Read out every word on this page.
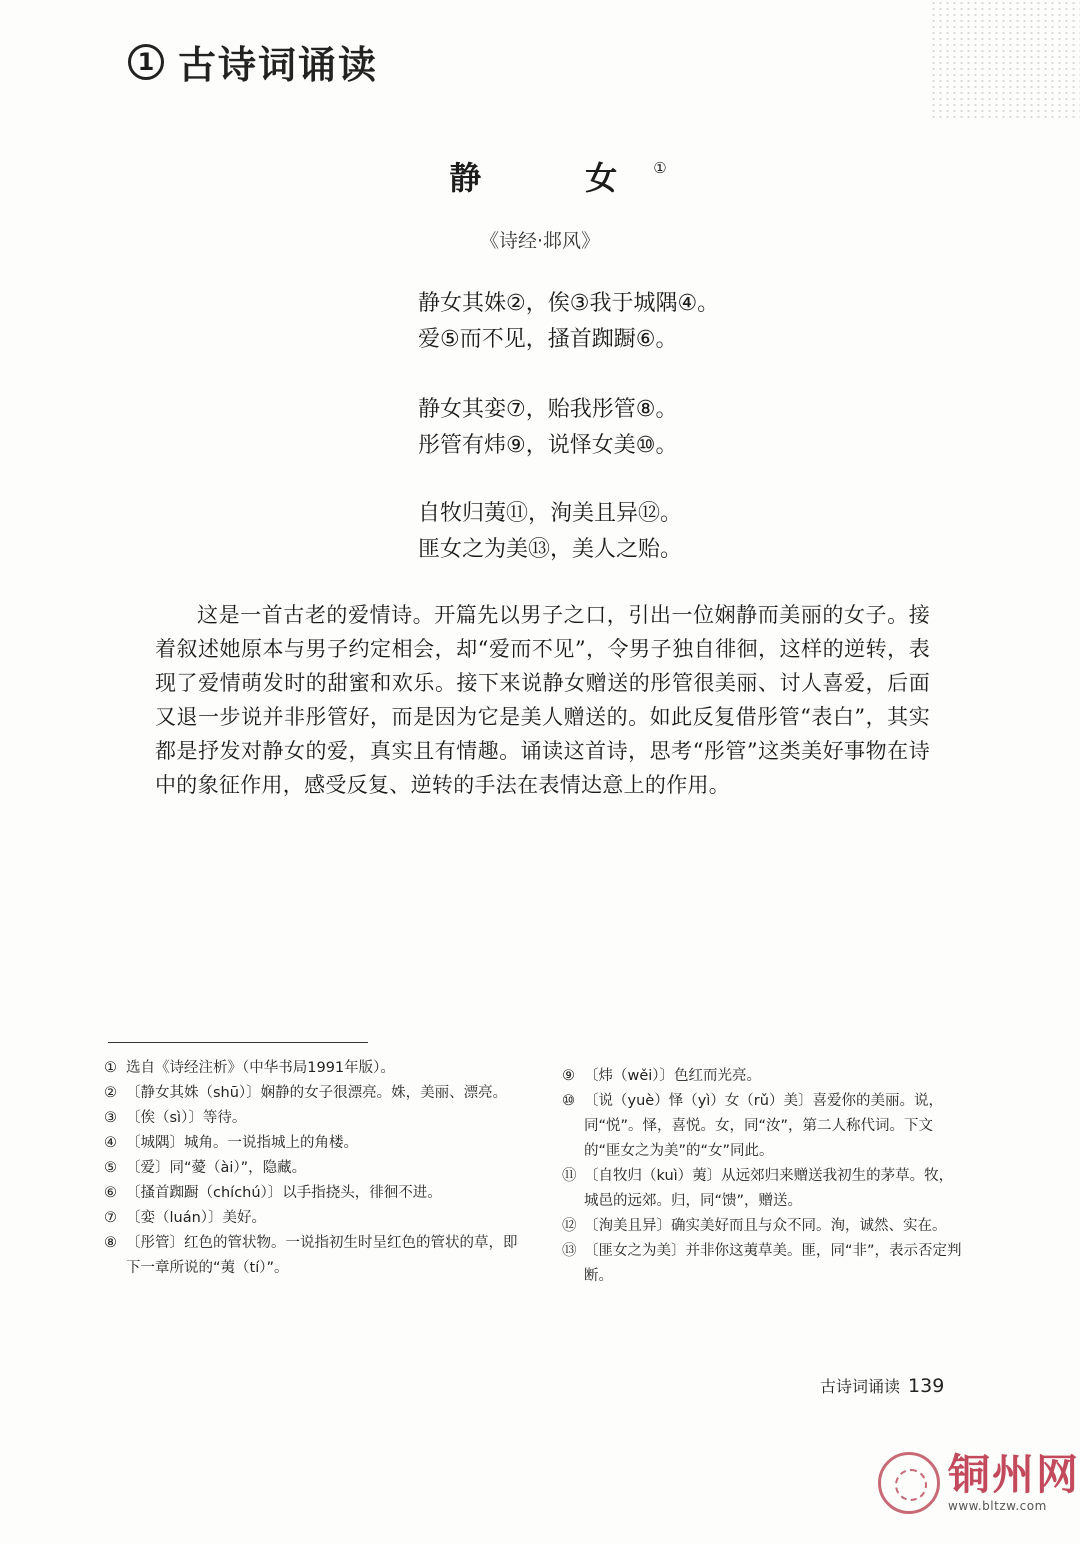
1 古诗词诵读
静　女①
《诗经·邶风》
静女其姝②，俟③我于城隅④。
爱⑤而不见，搔首踟蹰⑥。
静女其娈⑦，贻我彤管⑧。
彤管有炜⑨，说怿女美⑩。
自牧归荑⑪，洵美且异⑫。
匪女之为美⑬，美人之贻。
这是一首古老的爱情诗。开篇先以男子之口，引出一位娴静而美丽的女子。接着叙述她原本与男子约定相会，却“爱而不见”，令男子独自徘徊，这样的逆转，表现了爱情萌发时的甜蜜和欢乐。接下来说静女赠送的彤管很美丽、讨人喜爱，后面又退一步说并非彤管好，而是因为它是美人赠送的。如此反复借彤管“表白”，其实都是抒发对静女的爱，真实且有情趣。诵读这首诗，思考“彤管”这类美好事物在诗中的象征作用，感受反复、逆转的手法在表情达意上的作用。
① 选自《诗经注析》（中华书局1991年版）。
② 〔静女其姝（shū）〕娴静的女子很漂亮。姝，美丽、漂亮。
③ 〔俟（sì）〕等待。
④ 〔城隅〕城角。一说指城上的角楼。
⑤ 〔爱〕同“薆（ài）”，隐藏。
⑥ 〔搔首踟蹰（chíchú）〕以手指挠头，徘徊不进。
⑦ 〔娈（luán）〕美好。
⑧ 〔彤管〕红色的管状物。一说指初生时呈红色的管状的草，即下一章所说的“荑（tí）”。
⑨ 〔炜（wěi）〕色红而光亮。
⑩ 〔说（yuè）怿（yì）女（rǔ）美〕喜爱你的美丽。说，同“悦”。怿，喜悦。女，同“汝”，第二人称代词。下文的“匪女之为美”的“女”同此。
⑪ 〔自牧归（kuì）荑〕从远郊归来赠送我初生的茅草。牧，城邑的远郊。归，同“馈”，赠送。
⑫ 〔洵美且异〕确实美好而且与众不同。洵，诚然、实在。
⑬ 〔匪女之为美〕并非你这荑草美。匪，同“非”，表示否定判断。
古诗词诵读 139
铜州网
www.bltzw.com
